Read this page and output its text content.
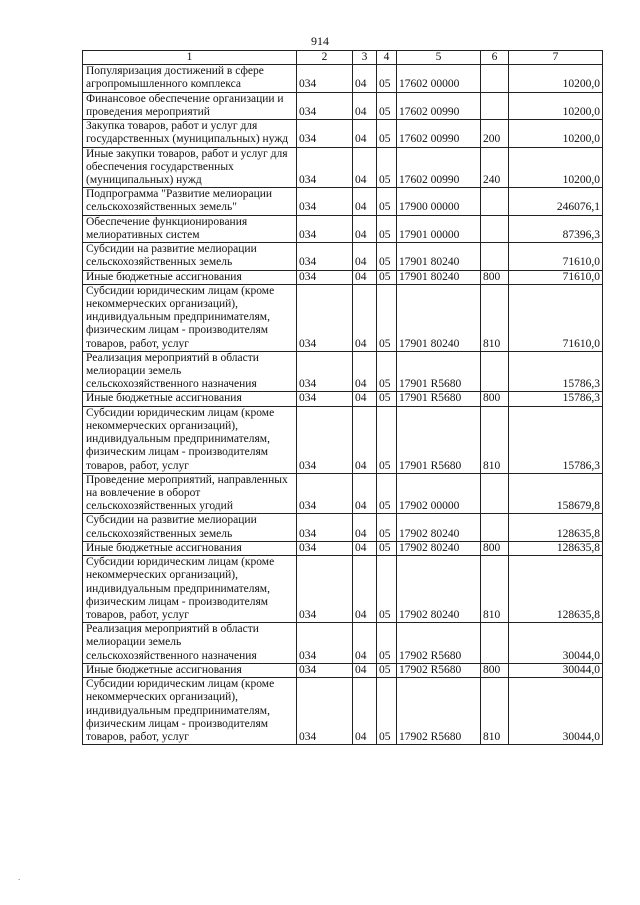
914
1	2	3	4	5	6	7
Популяризация достижений в сфере агропромышленного комплекса	034	04	05	17602 00000		10200,0
Финансовое обеспечение организации и проведения мероприятий	034	04	05	17602 00990		10200,0
Закупка товаров, работ и услуг для государственных (муниципальных) нужд	034	04	05	17602 00990	200	10200,0
Иные закупки товаров, работ и услуг для обеспечения государственных (муниципальных) нужд	034	04	05	17602 00990	240	10200,0
Подпрограмма "Развитие мелиорации сельскохозяйственных земель"	034	04	05	17900 00000		246076,1
Обеспечение функционирования мелиоративных систем	034	04	05	17901 00000		87396,3
Субсидии на развитие мелиорации сельскохозяйственных земель	034	04	05	17901 80240		71610,0
Иные бюджетные ассигнования	034	04	05	17901 80240	800	71610,0
Субсидии юридическим лицам (кроме некоммерческих организаций), индивидуальным предпринимателям, физическим лицам - производителям товаров, работ, услуг	034	04	05	17901 80240	810	71610,0
Реализация мероприятий в области мелиорации земель сельскохозяйственного назначения	034	04	05	17901 R5680		15786,3
Иные бюджетные ассигнования	034	04	05	17901 R5680	800	15786,3
Субсидии юридическим лицам (кроме некоммерческих организаций), индивидуальным предпринимателям, физическим лицам - производителям товаров, работ, услуг	034	04	05	17901 R5680	810	15786,3
Проведение мероприятий, направленных на вовлечение в оборот сельскохозяйственных угодий	034	04	05	17902 00000		158679,8
Субсидии на развитие мелиорации сельскохозяйственных земель	034	04	05	17902 80240		128635,8
Иные бюджетные ассигнования	034	04	05	17902 80240	800	128635,8
Субсидии юридическим лицам (кроме некоммерческих организаций), индивидуальным предпринимателям, физическим лицам - производителям товаров, работ, услуг	034	04	05	17902 80240	810	128635,8
Реализация мероприятий в области мелиорации земель сельскохозяйственного назначения	034	04	05	17902 R5680		30044,0
Иные бюджетные ассигнования	034	04	05	17902 R5680	800	30044,0
Субсидии юридическим лицам (кроме некоммерческих организаций), индивидуальным предпринимателям, физическим лицам - производителям товаров, работ, услуг	034	04	05	17902 R5680	810	30044,0
.
